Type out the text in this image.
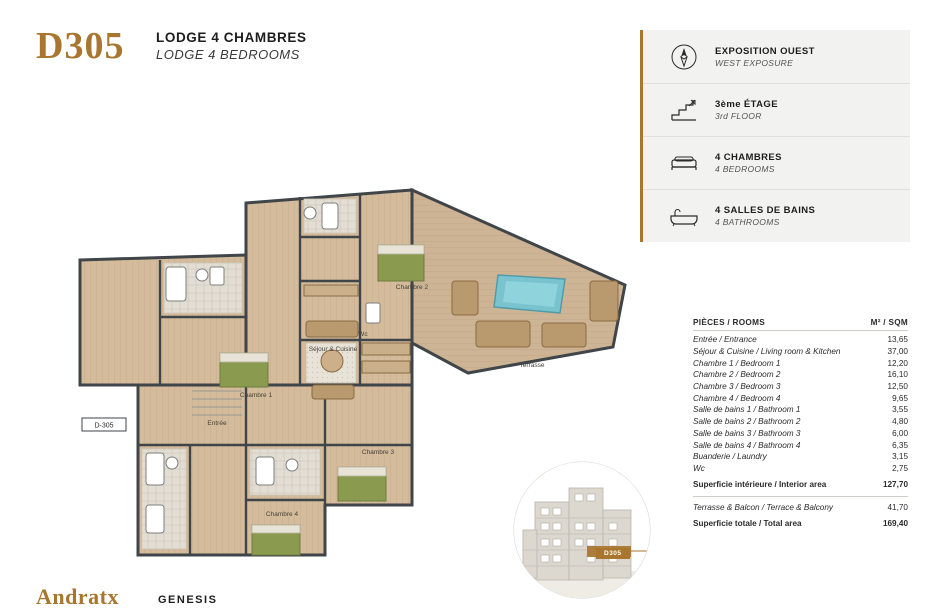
D305 LODGE 4 CHAMBRES
LODGE 4 BEDROOMS	EXPOSITION OUEST
WEST EXPOSURE
3ème ÉTAGE
3rd FLOOR
4 CHAMBRES
4 BEDROOMS
4 SALLES DE BAINS
4 BATHROOMS
PIÈCES / ROOMS	M² / SQM
Entrée / Entrance	13,65
Séjour & Cuisine / Living room & Kitchen	37,00
Chambre 1 / Bedroom 1	12,20
Chambre 2 / Bedroom 2	16,10
Chambre 3 / Bedroom 3	12,50
Chambre 4 / Bedroom 4	9,65
Salle de bains 1 / Bathroom 1	3,55
Salle de bains 2 / Bathroom 2	4,80
Salle de bains 3 / Bathroom 3	6,00
Salle de bains 4 / Bathroom 4	6,35
Buanderie / Laundry	3,15
Wc	2,75
Superficie intérieure / Interior area	127,70
Terrasse & Balcon / Terrace & Balcony	41,70
Superficie totale / Total area	169,40
D-305
Chambre 2
Chambre 1
Chambre 3
Chambre 4
Séjour & Cuisine
Terrasse
Entrée
Wc
D305
Andratx	GENESIS
